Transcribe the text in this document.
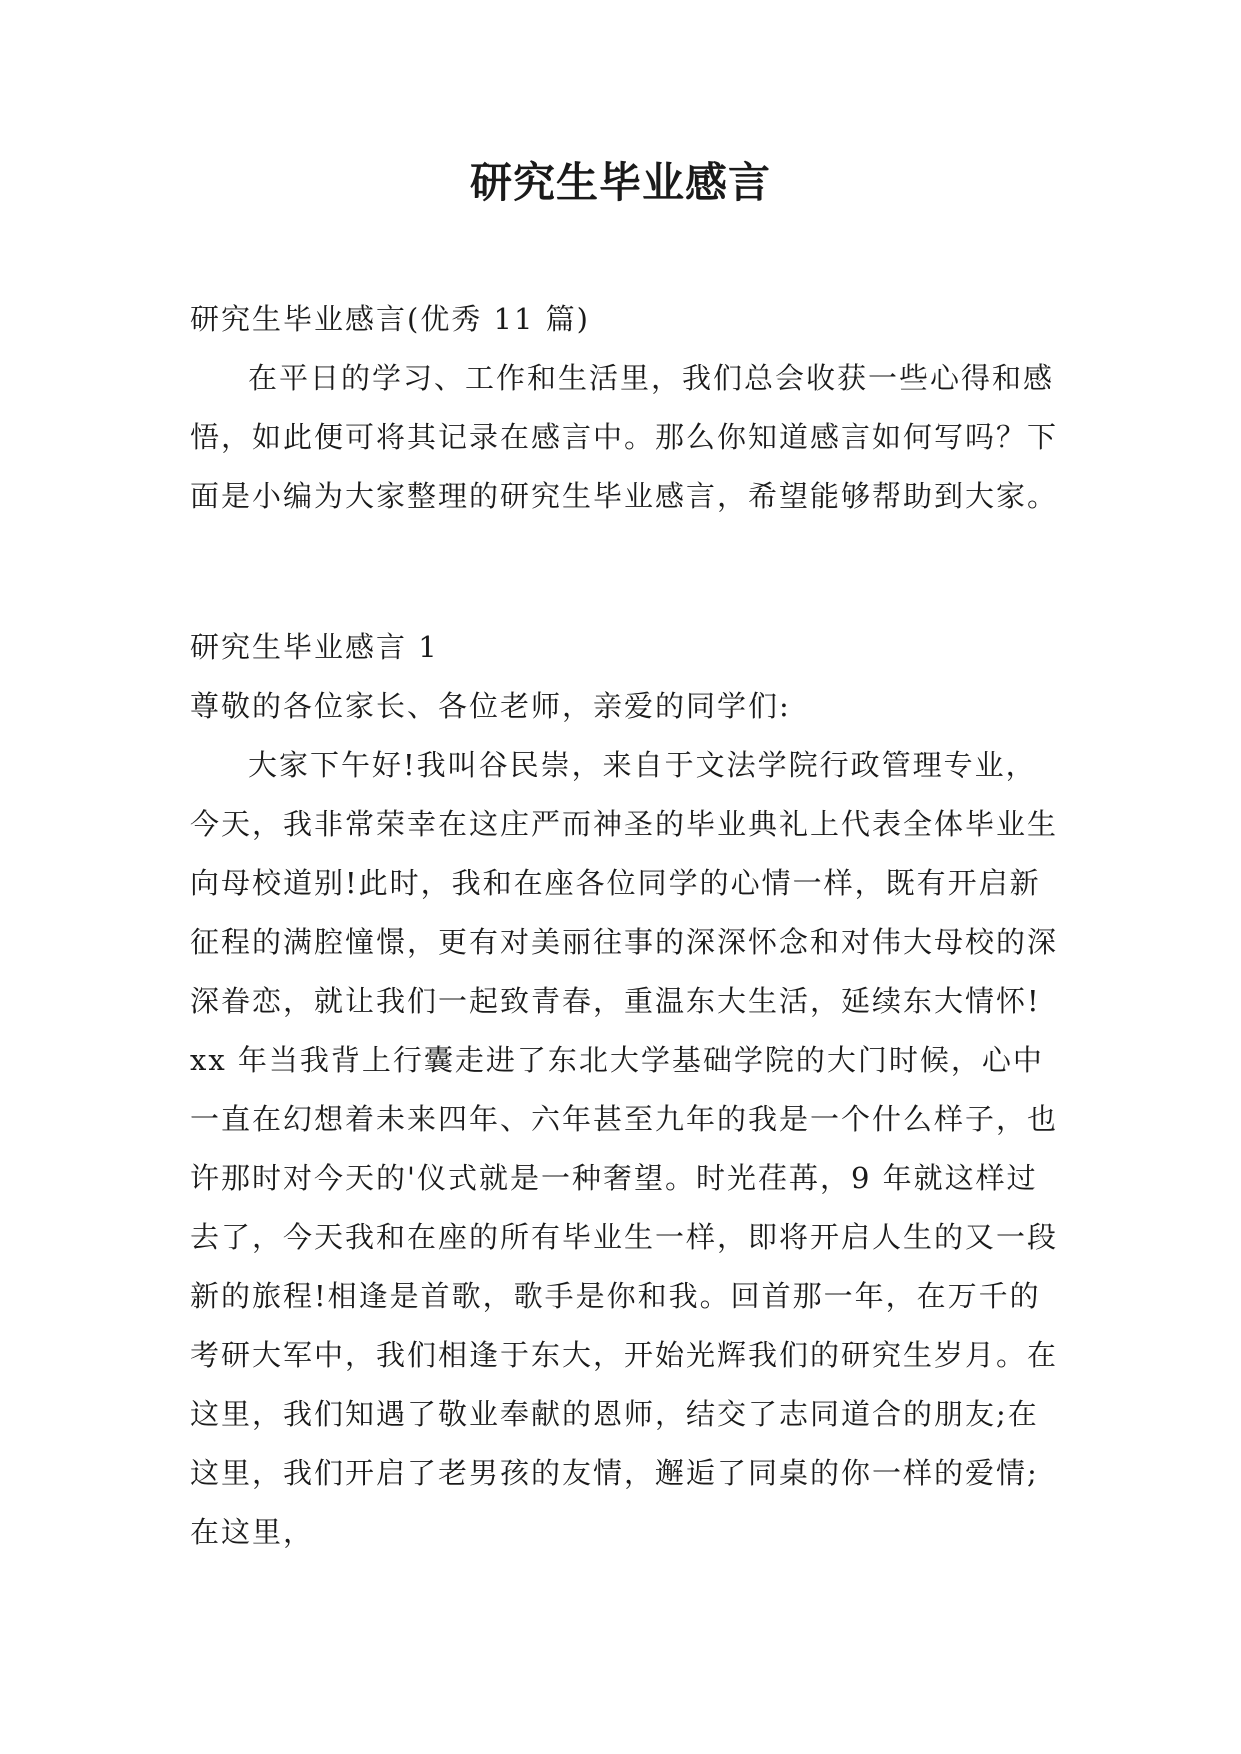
研究生毕业感言

研究生毕业感言(优秀 11 篇)

在平日的学习、工作和生活里，我们总会收获一些心得和感悟，如此便可将其记录在感言中。那么你知道感言如何写吗？下面是小编为大家整理的研究生毕业感言，希望能够帮助到大家。

研究生毕业感言 1

尊敬的各位家长、各位老师，亲爱的同学们:

大家下午好!我叫谷民崇，来自于文法学院行政管理专业，今天，我非常荣幸在这庄严而神圣的毕业典礼上代表全体毕业生向母校道别!此时，我和在座各位同学的心情一样，既有开启新征程的满腔憧憬，更有对美丽往事的深深怀念和对伟大母校的深深眷恋，就让我们一起致青春，重温东大生活，延续东大情怀! xx 年当我背上行囊走进了东北大学基础学院的大门时候，心中一直在幻想着未来四年、六年甚至九年的我是一个什么样子，也许那时对今天的'仪式就是一种奢望。时光荏苒，9 年就这样过去了，今天我和在座的所有毕业生一样，即将开启人生的又一段新的旅程!相逢是首歌，歌手是你和我。回首那一年，在万千的考研大军中，我们相逢于东大，开始光辉我们的研究生岁月。在这里，我们知遇了敬业奉献的恩师，结交了志同道合的朋友;在这里，我们开启了老男孩的友情，邂逅了同桌的你一样的爱情;在这里，
